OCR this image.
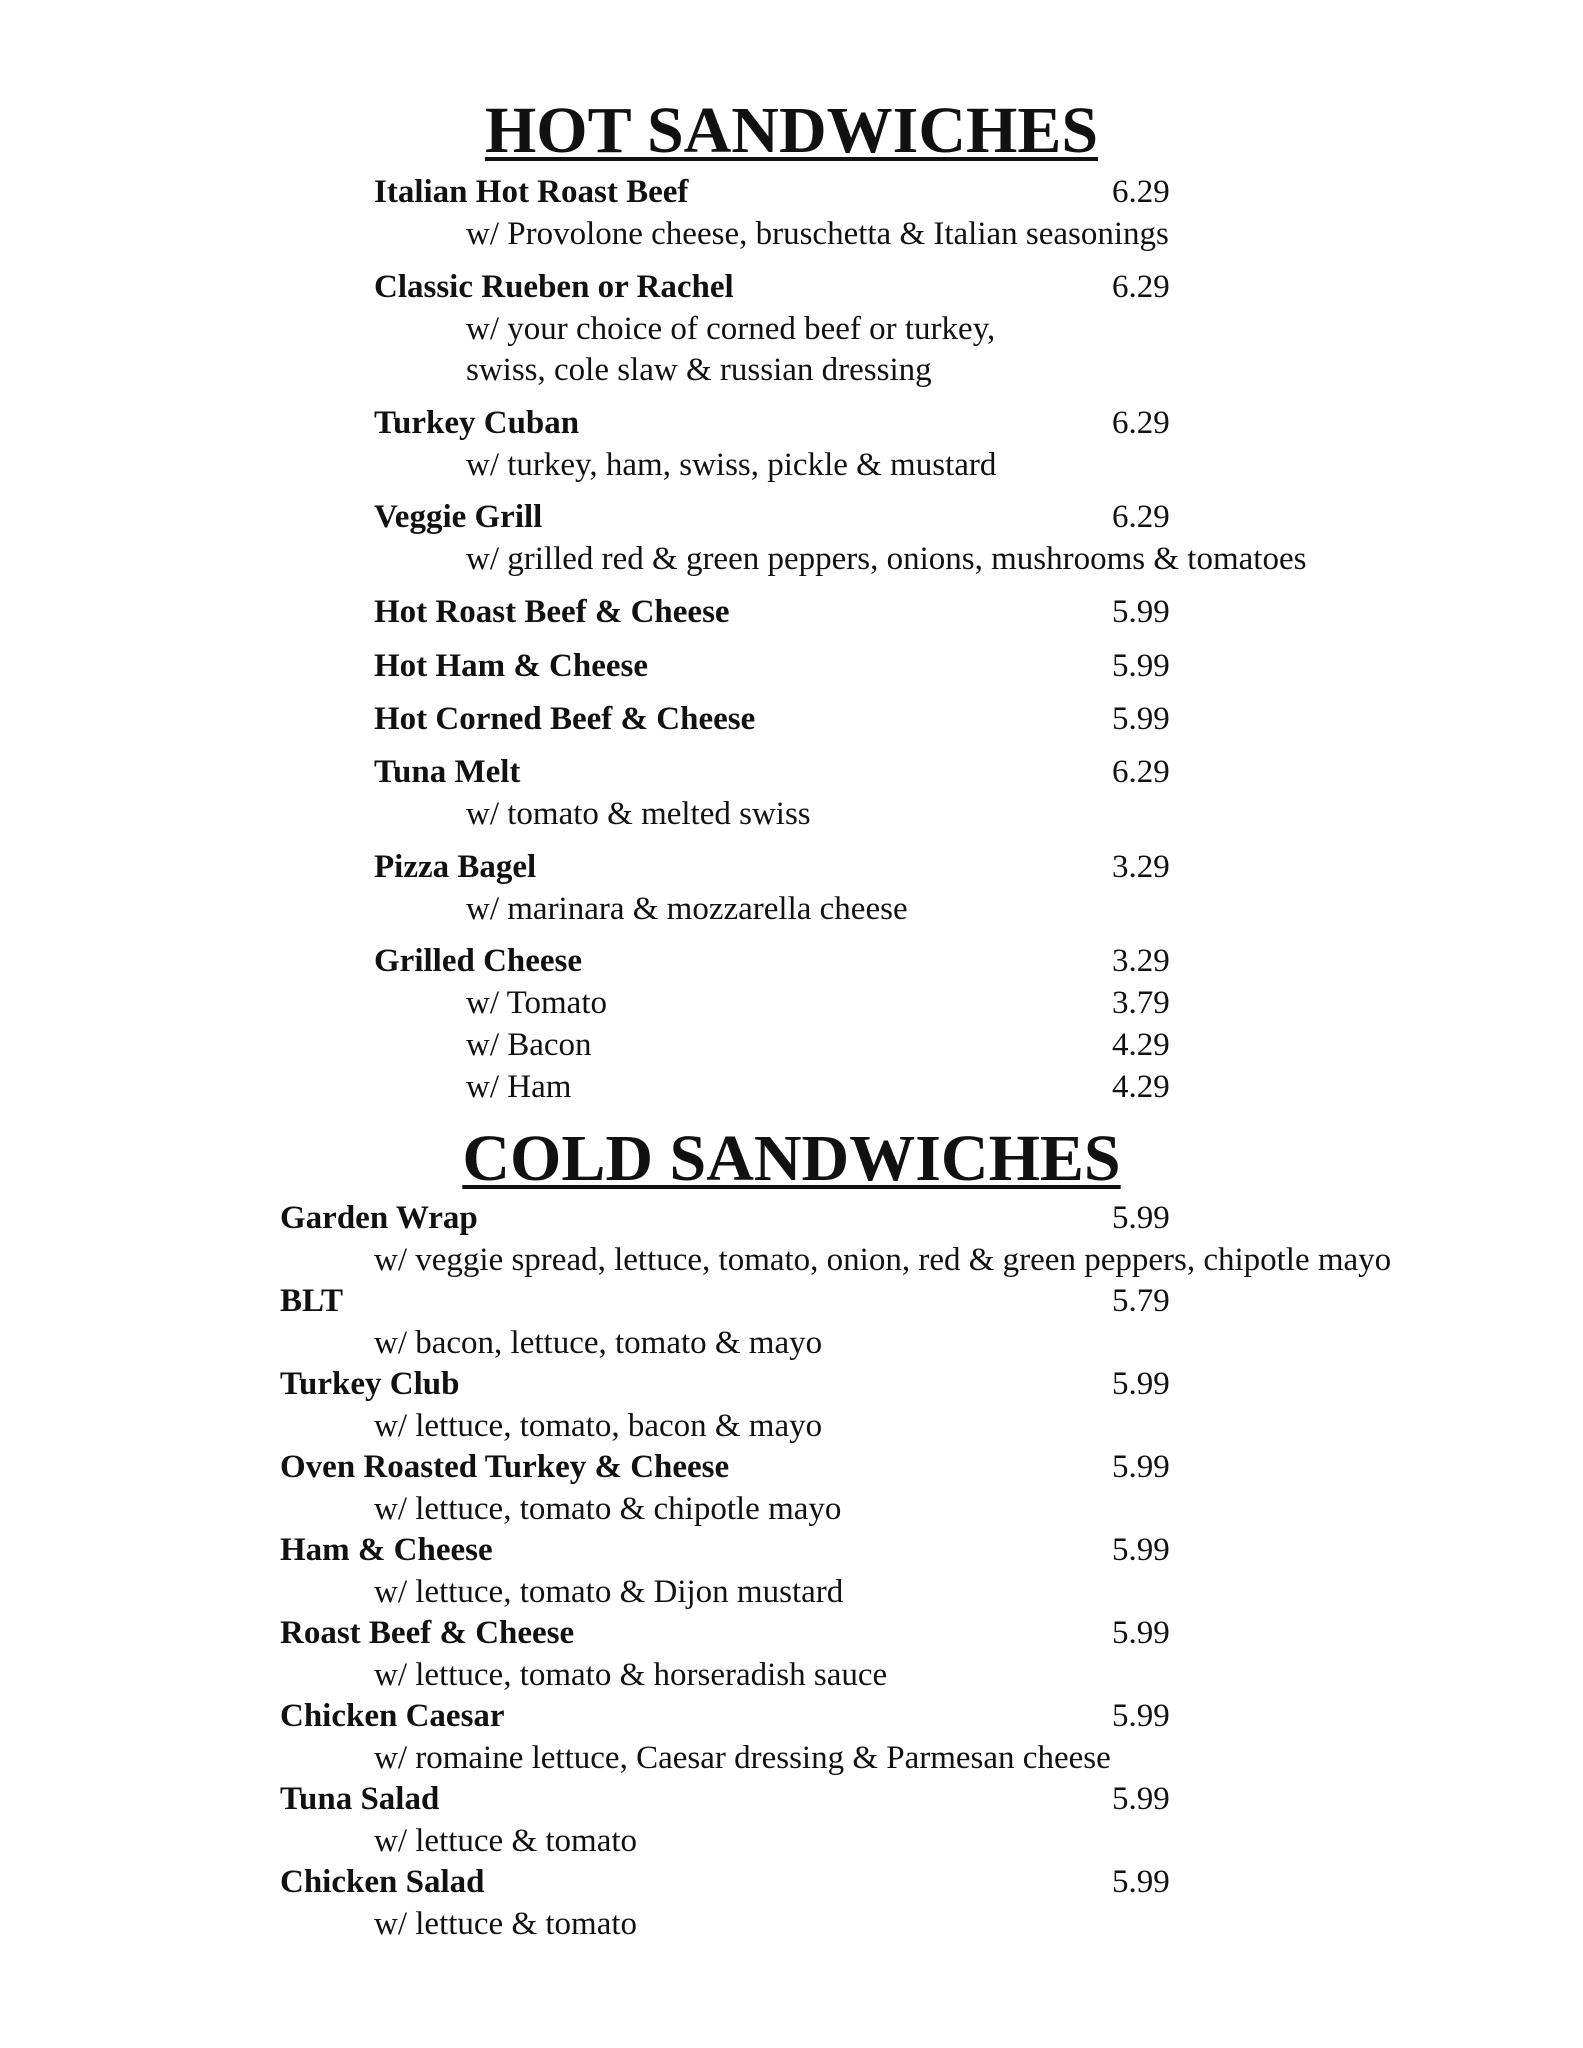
HOT SANDWICHES
Italian Hot Roast Beef	6.29
w/ Provolone cheese, bruschetta & Italian seasonings
Classic Rueben or Rachel	6.29
w/ your choice of corned beef or turkey,
swiss, cole slaw & russian dressing
Turkey Cuban	6.29
w/ turkey, ham, swiss, pickle & mustard
Veggie Grill	6.29
w/ grilled red & green peppers, onions, mushrooms & tomatoes
Hot Roast Beef & Cheese	5.99
Hot Ham & Cheese	5.99
Hot Corned Beef & Cheese	5.99
Tuna Melt	6.29
w/ tomato & melted swiss
Pizza Bagel	3.29
w/ marinara & mozzarella cheese
Grilled Cheese	3.29
w/ Tomato	3.79
w/ Bacon	4.29
w/ Ham	4.29
COLD SANDWICHES
Garden Wrap	5.99
w/ veggie spread, lettuce, tomato, onion, red & green peppers, chipotle mayo
BLT	5.79
w/ bacon, lettuce, tomato & mayo
Turkey Club	5.99
w/ lettuce, tomato, bacon & mayo
Oven Roasted Turkey & Cheese	5.99
w/ lettuce, tomato & chipotle mayo
Ham & Cheese	5.99
w/ lettuce, tomato & Dijon mustard
Roast Beef & Cheese	5.99
w/ lettuce, tomato & horseradish sauce
Chicken Caesar	5.99
w/ romaine lettuce, Caesar dressing & Parmesan cheese
Tuna Salad	5.99
w/ lettuce & tomato
Chicken Salad	5.99
w/ lettuce & tomato
